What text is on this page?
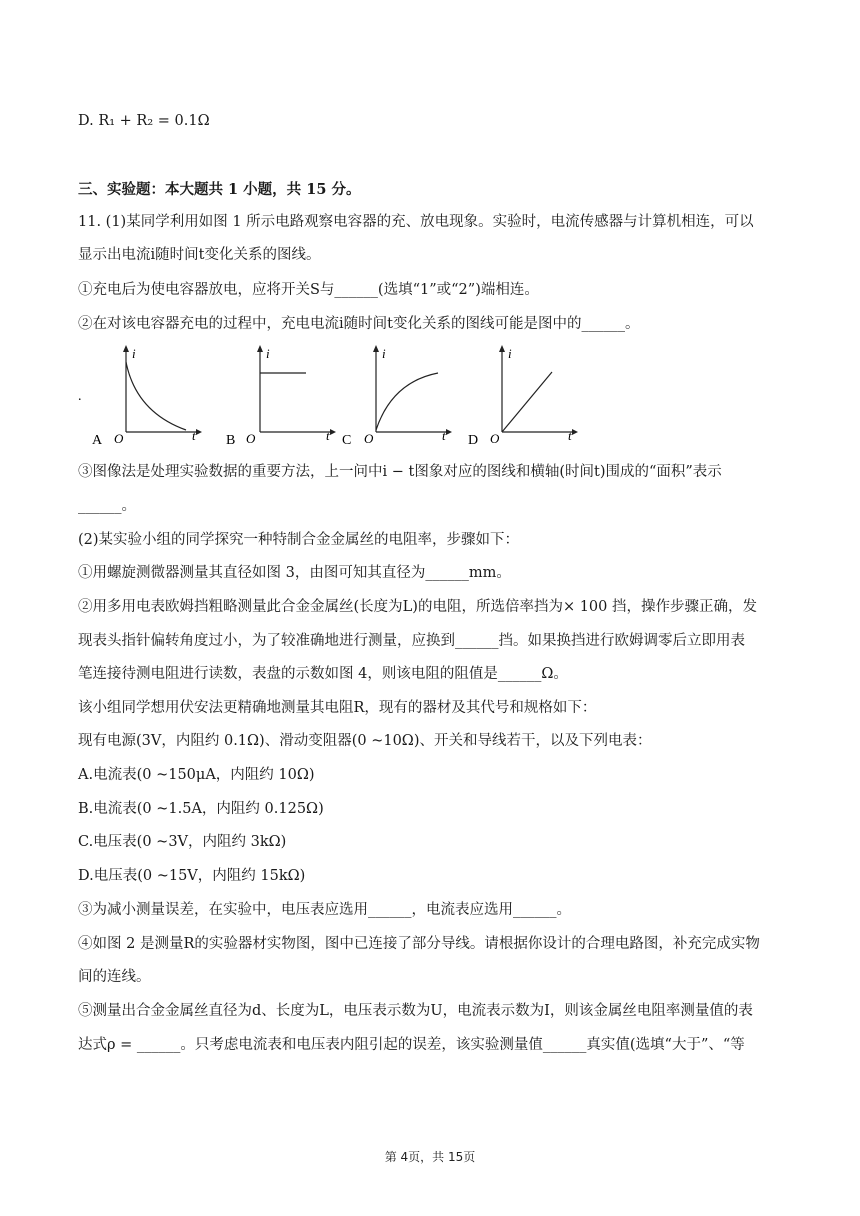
D. R₁ + R₂ = 0.1Ω
三、实验题：本大题共 1 小题，共 15 分。
11. (1)某同学利用如图 1 所示电路观察电容器的充、放电现象。实验时，电流传感器与计算机相连，可以
显示出电流i随时间t变化关系的图线。
①充电后为使电容器放电，应将开关S与______(选填“1”或“2”)端相连。
②在对该电容器充电的过程中，充电电流i随时间t变化关系的图线可能是图中的______。
.
i
t
O
A
i
t
O
B
i
t
O
C
i
t
O
D
③图像法是处理实验数据的重要方法，上一问中i − t图象对应的图线和横轴(时间t)围成的“面积”表示
______。
(2)某实验小组的同学探究一种特制合金金属丝的电阻率，步骤如下：
①用螺旋测微器测量其直径如图 3，由图可知其直径为______mm。
②用多用电表欧姆挡粗略测量此合金金属丝(长度为L)的电阻，所选倍率挡为× 100 挡，操作步骤正确，发
现表头指针偏转角度过小，为了较准确地进行测量，应换到______挡。如果换挡进行欧姆调零后立即用表
笔连接待测电阻进行读数，表盘的示数如图 4，则该电阻的阻值是______Ω。
该小组同学想用伏安法更精确地测量其电阻R，现有的器材及其代号和规格如下：
现有电源(3V，内阻约 0.1Ω)、滑动变阻器(0 ~10Ω)、开关和导线若干，以及下列电表：
A.电流表(0 ~150μA，内阻约 10Ω)
B.电流表(0 ~1.5A，内阻约 0.125Ω)
C.电压表(0 ~3V，内阻约 3kΩ)
D.电压表(0 ~15V，内阻约 15kΩ)
③为减小测量误差，在实验中，电压表应选用______，电流表应选用______。
④如图 2 是测量R的实验器材实物图，图中已连接了部分导线。请根据你设计的合理电路图，补充完成实物
间的连线。
⑤测量出合金金属丝直径为d、长度为L，电压表示数为U，电流表示数为I，则该金属丝电阻率测量值的表
达式ρ = ______。只考虑电流表和电压表内阻引起的误差，该实验测量值______真实值(选填“大于”、“等
第 4页，共 15页
